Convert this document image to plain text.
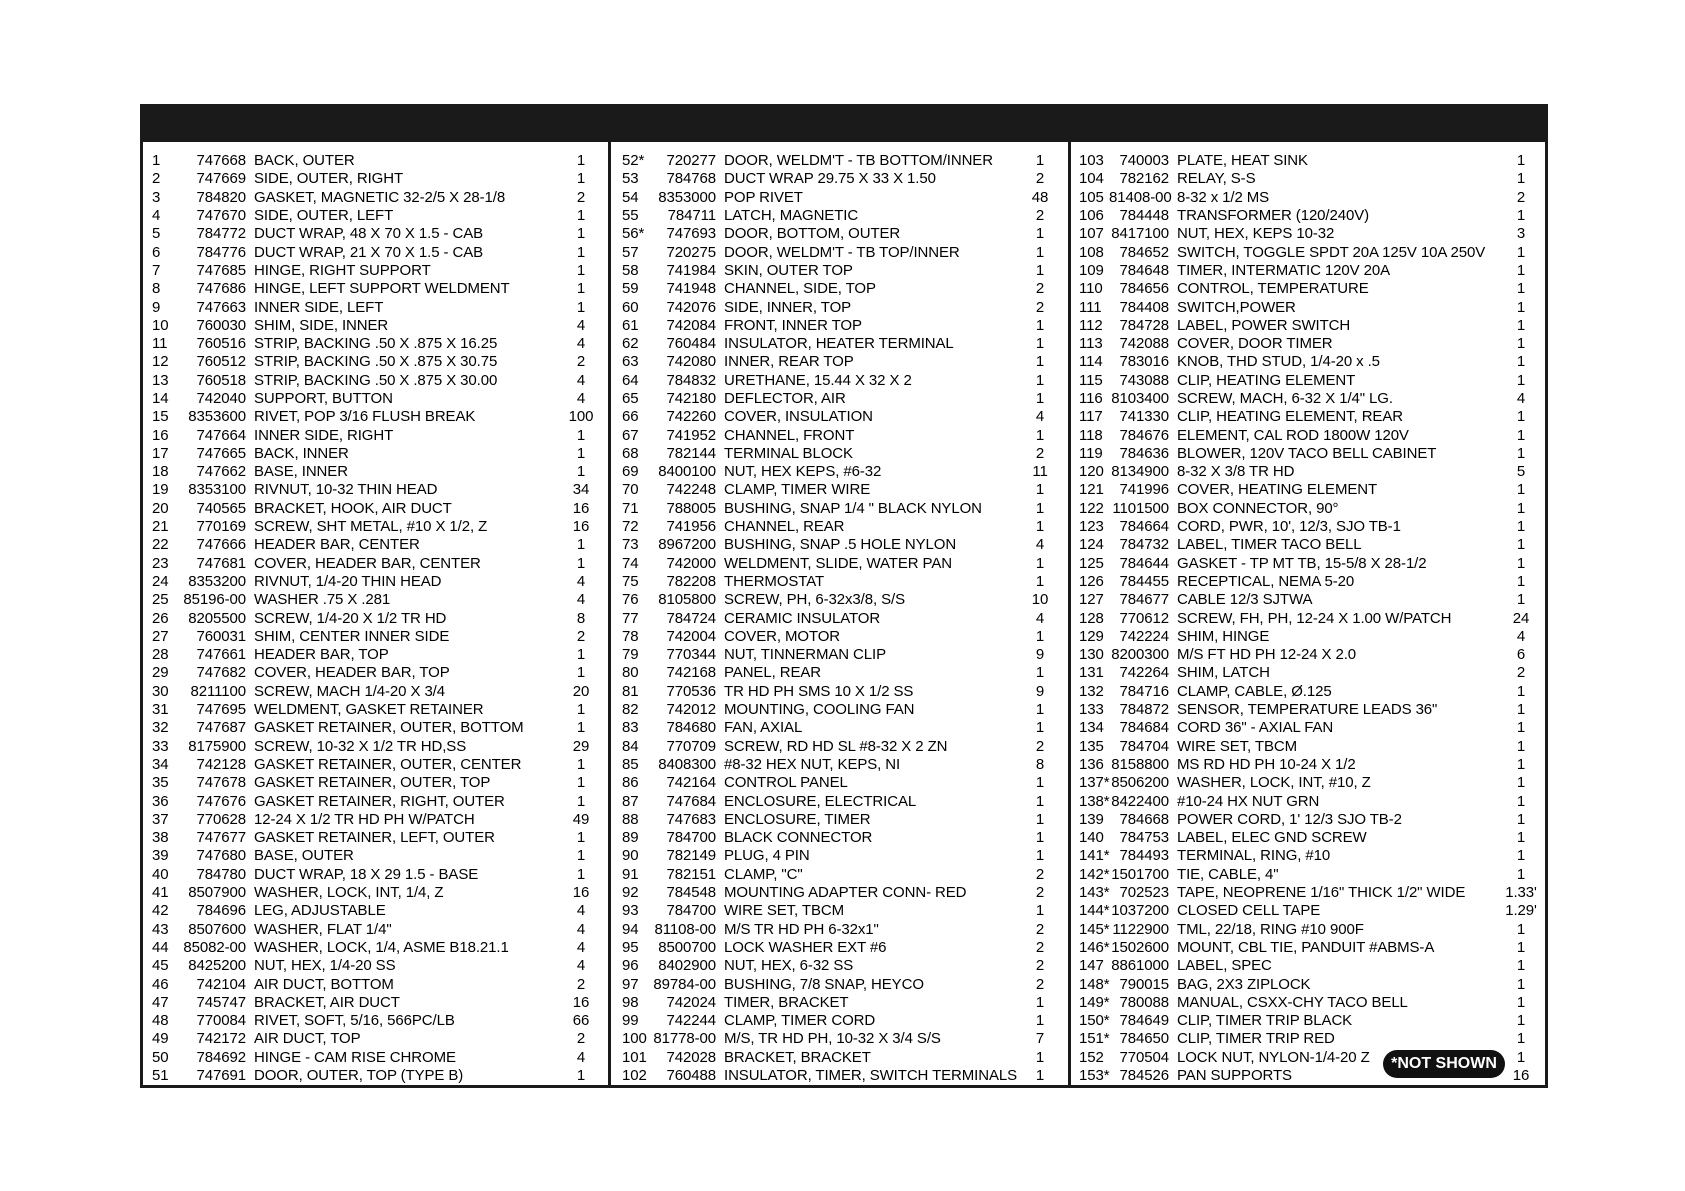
1	747668 BACK, OUTER	1
2	747669 SIDE, OUTER, RIGHT	1
3	784820 GASKET, MAGNETIC 32-2/5 X 28-1/8	2
4	747670 SIDE, OUTER, LEFT	1
5	784772 DUCT WRAP, 48 X 70 X 1.5 - CAB	1
6	784776 DUCT WRAP, 21 X 70 X 1.5 - CAB	1
7	747685 HINGE, RIGHT SUPPORT	1
8	747686 HINGE, LEFT SUPPORT WELDMENT	1
9	747663 INNER SIDE, LEFT	1
10	760030 SHIM, SIDE, INNER	4
11	760516 STRIP, BACKING .50 X .875 X 16.25	4
12	760512 STRIP, BACKING .50 X .875 X 30.75	2
13	760518 STRIP, BACKING .50 X .875 X 30.00	4
14	742040 SUPPORT, BUTTON	4
15	8353600 RIVET, POP 3/16 FLUSH BREAK	100
16	747664 INNER SIDE, RIGHT	1
17	747665 BACK, INNER	1
18	747662 BASE, INNER	1
19	8353100 RIVNUT, 10-32 THIN HEAD	34
20	740565 BRACKET, HOOK, AIR DUCT	16
21	770169 SCREW, SHT METAL, #10 X 1/2, Z	16
22	747666 HEADER BAR, CENTER	1
23	747681 COVER, HEADER BAR, CENTER	1
24	8353200 RIVNUT, 1/4-20 THIN HEAD	4
25 85196-00 WASHER .75 X .281	4
26	8205500 SCREW, 1/4-20 X 1/2 TR HD	8
27	760031 SHIM, CENTER INNER SIDE	2
28	747661 HEADER BAR, TOP	1
29	747682 COVER, HEADER BAR, TOP	1
30	8211100 SCREW, MACH 1/4-20 X 3/4	20
31	747695 WELDMENT, GASKET RETAINER	1
32	747687 GASKET RETAINER, OUTER, BOTTOM	1
33	8175900 SCREW, 10-32 X 1/2 TR HD,SS	29
34	742128 GASKET RETAINER, OUTER, CENTER	1
35	747678 GASKET RETAINER, OUTER, TOP	1
36	747676 GASKET RETAINER, RIGHT, OUTER	1
37	770628 12-24 X 1/2 TR HD PH W/PATCH	49
38	747677 GASKET RETAINER, LEFT, OUTER	1
39	747680 BASE, OUTER	1
40	784780 DUCT WRAP, 18 X 29 1.5 - BASE	1
41	8507900 WASHER, LOCK, INT, 1/4, Z	16
42	784696 LEG, ADJUSTABLE	4
43	8507600 WASHER, FLAT 1/4"	4
44 85082-00 WASHER, LOCK, 1/4, ASME B18.21.1	4
45	8425200 NUT, HEX, 1/4-20 SS	4
46	742104 AIR DUCT, BOTTOM	2
47	745747 BRACKET, AIR DUCT	16
48	770084 RIVET, SOFT, 5/16, 566PC/LB	66
49	742172 AIR DUCT, TOP	2
50	784692 HINGE - CAM RISE CHROME	4
51	747691 DOOR, OUTER, TOP (TYPE B)	1
52*	720277 DOOR, WELDM'T - TB BOTTOM/INNER	1
53	784768 DUCT WRAP 29.75 X 33 X 1.50	2
54	8353000 POP RIVET	48
55	784711 LATCH, MAGNETIC	2
56*	747693 DOOR, BOTTOM, OUTER	1
57	720275 DOOR, WELDM'T - TB TOP/INNER	1
58	741984 SKIN, OUTER TOP	1
59	741948 CHANNEL, SIDE, TOP	2
60	742076 SIDE, INNER, TOP	2
61	742084 FRONT, INNER TOP	1
62	760484 INSULATOR, HEATER TERMINAL	1
63	742080 INNER, REAR TOP	1
64	784832 URETHANE, 15.44 X 32 X 2	1
65	742180 DEFLECTOR, AIR	1
66	742260 COVER, INSULATION	4
67	741952 CHANNEL, FRONT	1
68	782144 TERMINAL BLOCK	2
69	8400100 NUT, HEX KEPS, #6-32	11
70	742248 CLAMP, TIMER WIRE	1
71	788005 BUSHING, SNAP 1/4 " BLACK NYLON	1
72	741956 CHANNEL, REAR	1
73	8967200 BUSHING, SNAP .5 HOLE NYLON	4
74	742000 WELDMENT, SLIDE, WATER PAN	1
75	782208 THERMOSTAT	1
76	8105800 SCREW, PH, 6-32x3/8, S/S	10
77	784724 CERAMIC INSULATOR	4
78	742004 COVER, MOTOR	1
79	770344 NUT, TINNERMAN CLIP	9
80	742168 PANEL, REAR	1
81	770536 TR HD PH SMS 10 X 1/2 SS	9
82	742012 MOUNTING, COOLING FAN	1
83	784680 FAN, AXIAL	1
84	770709 SCREW, RD HD SL #8-32 X 2 ZN	2
85	8408300 #8-32 HEX NUT, KEPS, NI	8
86	742164 CONTROL PANEL	1
87	747684 ENCLOSURE, ELECTRICAL	1
88	747683 ENCLOSURE, TIMER	1
89	784700 BLACK CONNECTOR	1
90	782149 PLUG, 4 PIN	1
91	782151 CLAMP, "C"	2
92	784548 MOUNTING ADAPTER CONN- RED	2
93	784700 WIRE SET, TBCM	1
94	81108-00 M/S TR HD PH 6-32x1"	2
95	8500700 LOCK WASHER EXT #6	2
96	8402900 NUT, HEX, 6-32 SS	2
97 89784-00 BUSHING, 7/8 SNAP, HEYCO	2
98	742024 TIMER, BRACKET	1
99	742244 CLAMP, TIMER CORD	1
100 81778-00 M/S, TR HD PH, 10-32 X 3/4 S/S	7
101	742028 BRACKET, BRACKET	1
102	760488 INSULATOR, TIMER, SWITCH TERMINALS	1
103	740003 PLATE, HEAT SINK	1
104	782162 RELAY, S-S	1
105 81408-00 8-32 x 1/2 MS	2
106	784448 TRANSFORMER (120/240V)	1
107 8417100 NUT, HEX, KEPS 10-32	3
108	784652 SWITCH, TOGGLE SPDT 20A 125V 10A 250V	1
109	784648 TIMER, INTERMATIC 120V 20A	1
110	784656 CONTROL, TEMPERATURE	1
111	784408 SWITCH,POWER	1
112	784728 LABEL, POWER SWITCH	1
113	742088 COVER, DOOR TIMER	1
114	783016 KNOB, THD STUD, 1/4-20 x .5	1
115	743088 CLIP, HEATING ELEMENT	1
116 8103400 SCREW, MACH, 6-32 X 1/4" LG.	4
117	741330 CLIP, HEATING ELEMENT, REAR	1
118	784676 ELEMENT, CAL ROD 1800W 120V	1
119	784636 BLOWER, 120V TACO BELL CABINET	1
120 8134900 8-32 X 3/8 TR HD	5
121	741996 COVER, HEATING ELEMENT	1
122 1101500 BOX CONNECTOR, 90°	1
123	784664 CORD, PWR, 10', 12/3, SJO TB-1	1
124	784732 LABEL, TIMER TACO BELL	1
125	784644 GASKET - TP MT TB, 15-5/8 X 28-1/2	1
126	784455 RECEPTICAL, NEMA 5-20	1
127	784677 CABLE 12/3 SJTWA	1
128	770612 SCREW, FH, PH, 12-24 X 1.00 W/PATCH	24
129	742224 SHIM, HINGE	4
130 8200300 M/S FT HD PH 12-24 X 2.0	6
131	742264 SHIM, LATCH	2
132	784716 CLAMP, CABLE, Ø.125	1
133	784872 SENSOR, TEMPERATURE LEADS 36"	1
134	784684 CORD 36" - AXIAL FAN	1
135	784704 WIRE SET, TBCM	1
136 8158800 MS RD HD PH 10-24 X 1/2	1
137* 8506200 WASHER, LOCK, INT, #10, Z	1
138* 8422400 #10-24 HX NUT GRN	1
139	784668 POWER CORD, 1' 12/3 SJO TB-2	1
140	784753 LABEL, ELEC GND SCREW	1
141* 784493 TERMINAL, RING, #10	1
142* 1501700 TIE, CABLE, 4"	1
143* 702523 TAPE, NEOPRENE 1/16" THICK 1/2" WIDE	1.33'
144* 1037200 CLOSED CELL TAPE	1.29'
145* 1122900 TML, 22/18, RING #10 900F	1
146* 1502600 MOUNT, CBL TIE, PANDUIT #ABMS-A	1
147 8861000 LABEL, SPEC	1
148* 790015 BAG, 2X3 ZIPLOCK	1
149* 780088 MANUAL, CSXX-CHY TACO BELL	1
150* 784649 CLIP, TIMER TRIP BLACK	1
151* 784650 CLIP, TIMER TRIP RED	1
152	770504 LOCK NUT, NYLON-1/4-20 Z	1
153* 784526 PAN SUPPORTS	16
*NOT SHOWN
